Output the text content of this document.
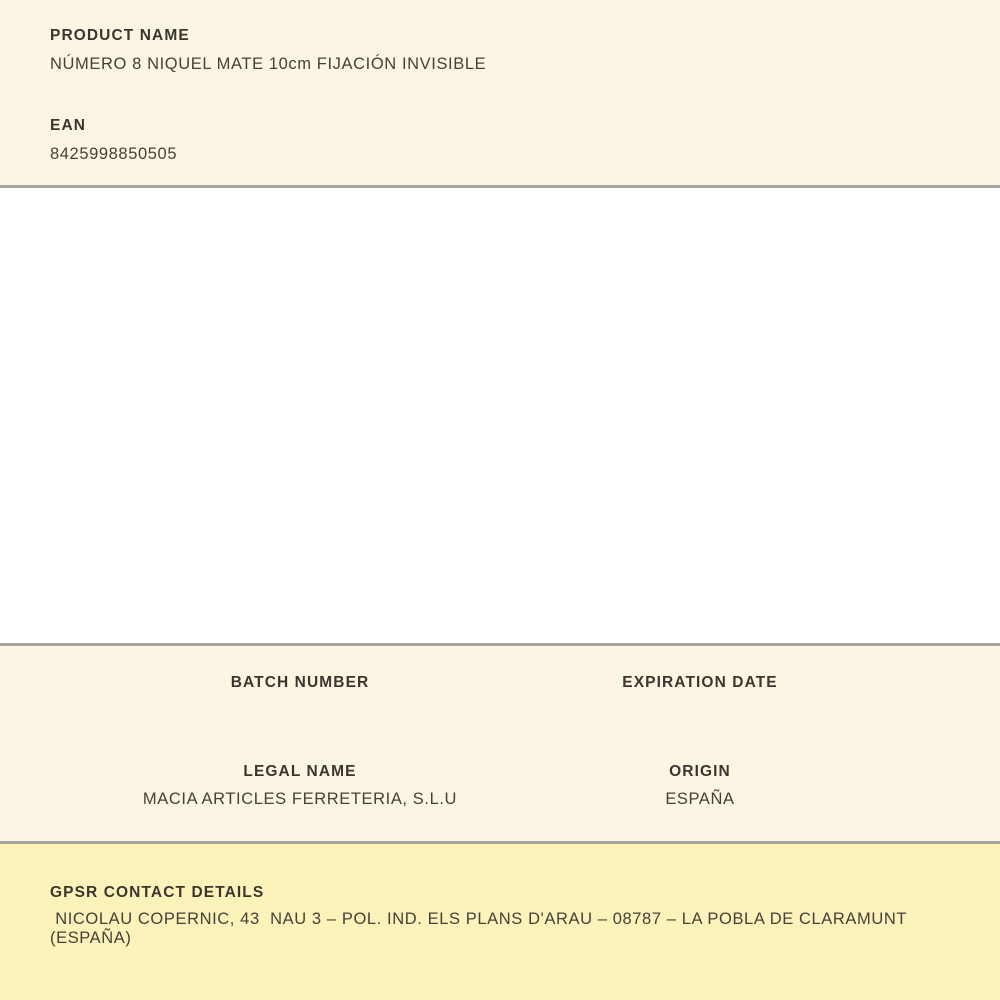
PRODUCT NAME
NÚMERO 8 NIQUEL MATE 10cm FIJACIÓN INVISIBLE
EAN
8425998850505
BATCH NUMBER	EXPIRATION DATE
LEGAL NAME
MACIA ARTICLES FERRETERIA, S.L.U
ORIGIN
ESPAÑA
GPSR CONTACT DETAILS
NICOLAU COPERNIC, 43  NAU 3 – POL. IND. ELS PLANS D'ARAU – 08787 – LA POBLA DE CLARAMUNT (ESPAÑA)
